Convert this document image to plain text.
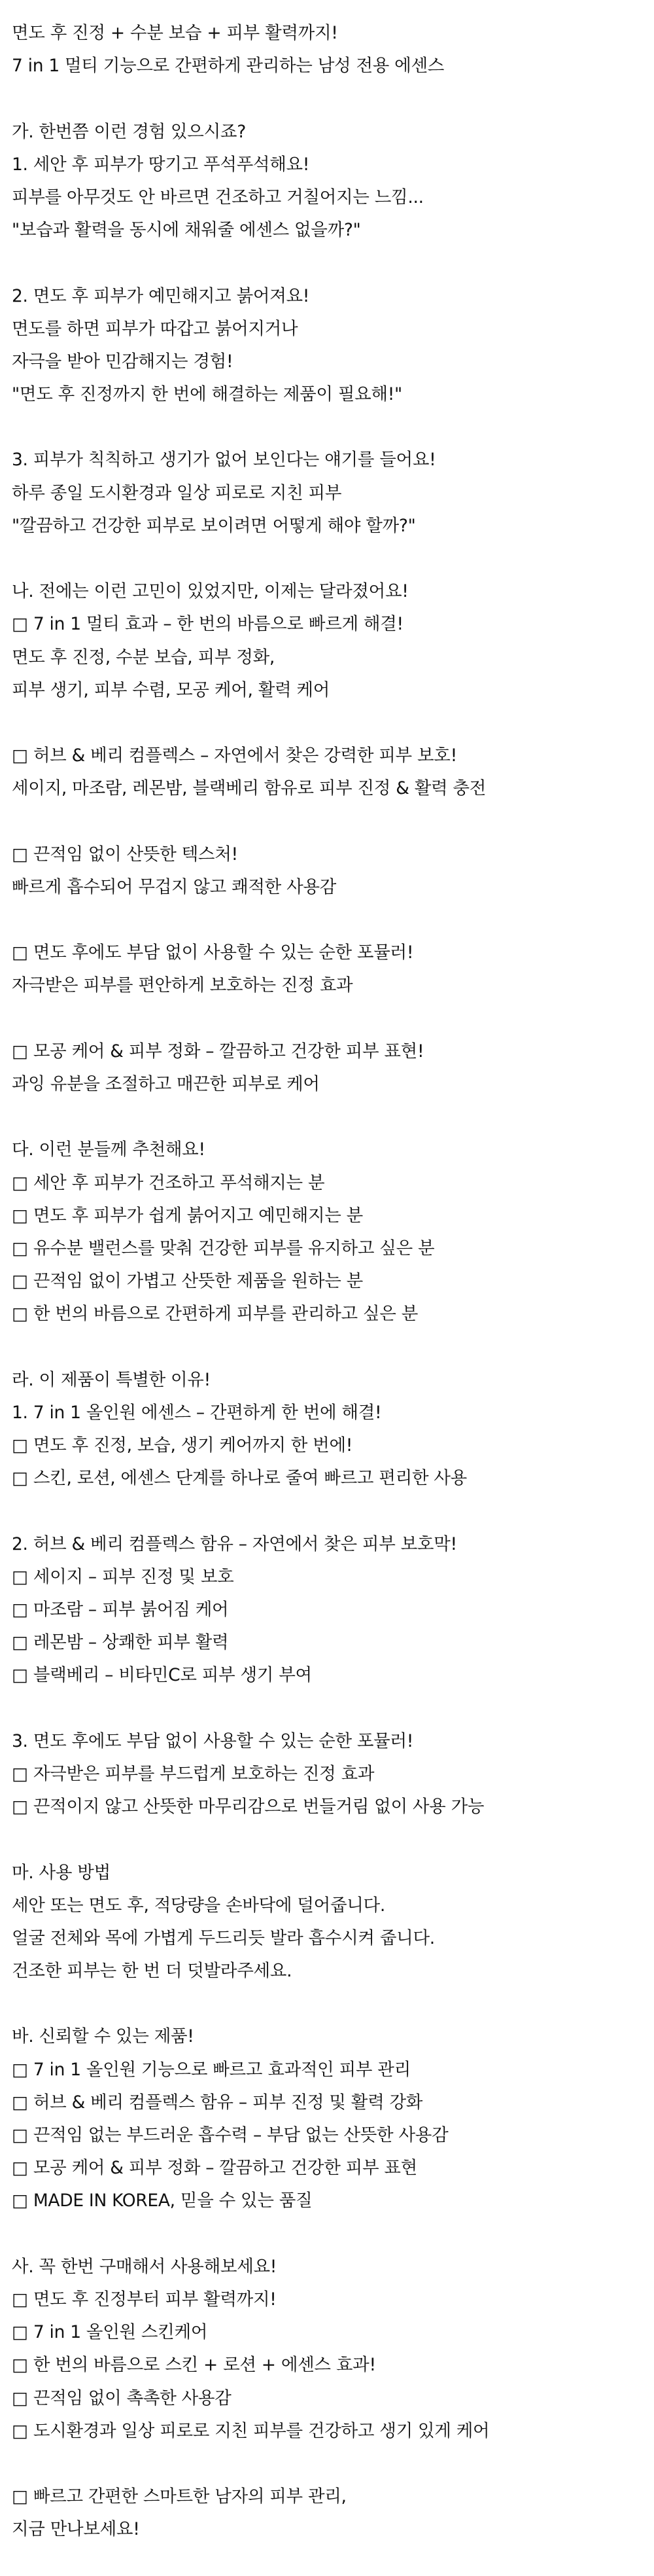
면도 후 진정 + 수분 보습 + 피부 활력까지!
7 in 1 멀티 기능으로 간편하게 관리하는 남성 전용 에센스
가. 한번쯤 이런 경험 있으시죠?
1. 세안 후 피부가 땅기고 푸석푸석해요!
피부를 아무것도 안 바르면 건조하고 거칠어지는 느낌...
"보습과 활력을 동시에 채워줄 에센스 없을까?"
2. 면도 후 피부가 예민해지고 붉어져요!
면도를 하면 피부가 따갑고 붉어지거나
자극을 받아 민감해지는 경험!
"면도 후 진정까지 한 번에 해결하는 제품이 필요해!"
3. 피부가 칙칙하고 생기가 없어 보인다는 얘기를 들어요!
하루 종일 도시환경과 일상 피로로 지친 피부
"깔끔하고 건강한 피부로 보이려면 어떻게 해야 할까?"
나. 전에는 이런 고민이 있었지만, 이제는 달라졌어요!
□ 7 in 1 멀티 효과 – 한 번의 바름으로 빠르게 해결!
면도 후 진정, 수분 보습, 피부 정화,
피부 생기, 피부 수렴, 모공 케어, 활력 케어
□ 허브 & 베리 컴플렉스 – 자연에서 찾은 강력한 피부 보호!
세이지, 마조람, 레몬밤, 블랙베리 함유로 피부 진정 & 활력 충전
□ 끈적임 없이 산뜻한 텍스처!
빠르게 흡수되어 무겁지 않고 쾌적한 사용감
□ 면도 후에도 부담 없이 사용할 수 있는 순한 포뮬러!
자극받은 피부를 편안하게 보호하는 진정 효과
□ 모공 케어 & 피부 정화 – 깔끔하고 건강한 피부 표현!
과잉 유분을 조절하고 매끈한 피부로 케어
다. 이런 분들께 추천해요!
□ 세안 후 피부가 건조하고 푸석해지는 분
□ 면도 후 피부가 쉽게 붉어지고 예민해지는 분
□ 유수분 밸런스를 맞춰 건강한 피부를 유지하고 싶은 분
□ 끈적임 없이 가볍고 산뜻한 제품을 원하는 분
□ 한 번의 바름으로 간편하게 피부를 관리하고 싶은 분
라. 이 제품이 특별한 이유!
1. 7 in 1 올인원 에센스 – 간편하게 한 번에 해결!
□ 면도 후 진정, 보습, 생기 케어까지 한 번에!
□ 스킨, 로션, 에센스 단계를 하나로 줄여 빠르고 편리한 사용
2. 허브 & 베리 컴플렉스 함유 – 자연에서 찾은 피부 보호막!
□ 세이지 – 피부 진정 및 보호
□ 마조람 – 피부 붉어짐 케어
□ 레몬밤 – 상쾌한 피부 활력
□ 블랙베리 – 비타민C로 피부 생기 부여
3. 면도 후에도 부담 없이 사용할 수 있는 순한 포뮬러!
□ 자극받은 피부를 부드럽게 보호하는 진정 효과
□ 끈적이지 않고 산뜻한 마무리감으로 번들거림 없이 사용 가능
마. 사용 방법
세안 또는 면도 후, 적당량을 손바닥에 덜어줍니다.
얼굴 전체와 목에 가볍게 두드리듯 발라 흡수시켜 줍니다.
건조한 피부는 한 번 더 덧발라주세요.
바. 신뢰할 수 있는 제품!
□ 7 in 1 올인원 기능으로 빠르고 효과적인 피부 관리
□ 허브 & 베리 컴플렉스 함유 – 피부 진정 및 활력 강화
□ 끈적임 없는 부드러운 흡수력 – 부담 없는 산뜻한 사용감
□ 모공 케어 & 피부 정화 – 깔끔하고 건강한 피부 표현
□ MADE IN KOREA, 믿을 수 있는 품질
사. 꼭 한번 구매해서 사용해보세요!
□ 면도 후 진정부터 피부 활력까지!
□ 7 in 1 올인원 스킨케어
□ 한 번의 바름으로 스킨 + 로션 + 에센스 효과!
□ 끈적임 없이 촉촉한 사용감
□ 도시환경과 일상 피로로 지친 피부를 건강하고 생기 있게 케어
□ 빠르고 간편한 스마트한 남자의 피부 관리,
지금 만나보세요!
